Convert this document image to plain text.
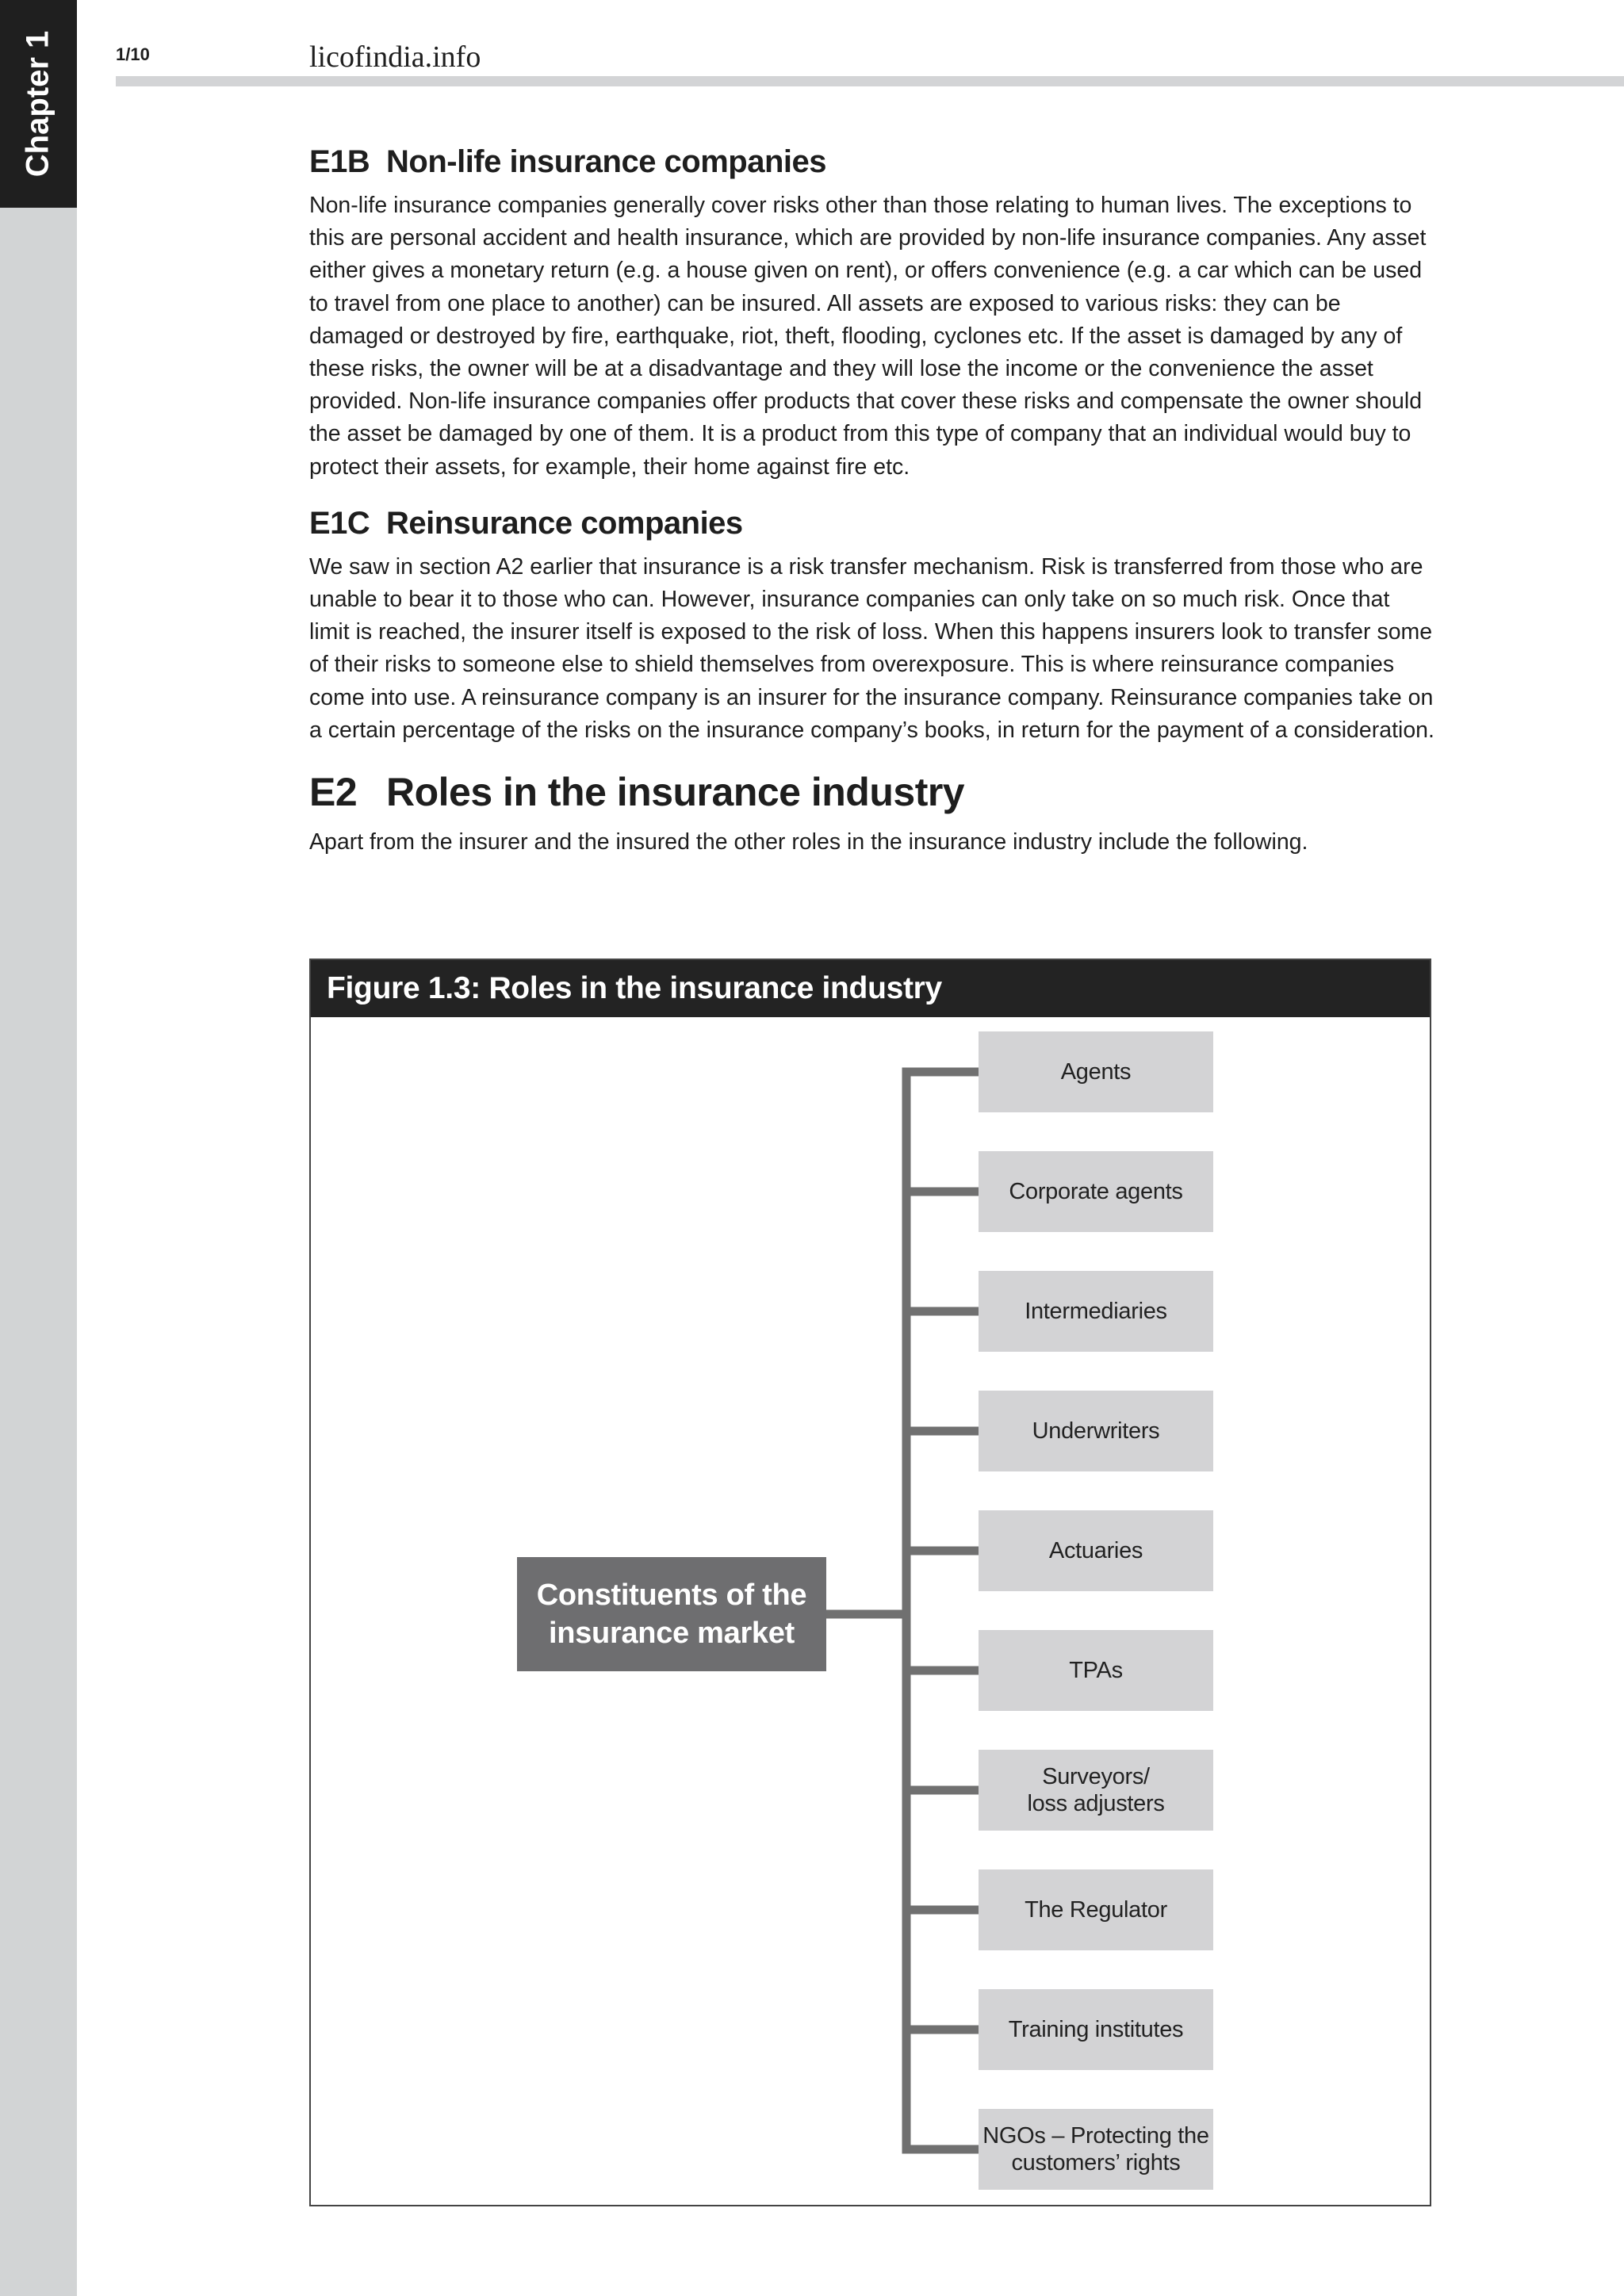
Chapter 1	1/10	licofindia.info
E1B Non-life insurance companies

Non-life insurance companies generally cover risks other than those relating to human lives. The exceptions to this are personal accident and health insurance, which are provided by non-life insurance companies. Any asset either gives a monetary return (e.g. a house given on rent), or offers convenience (e.g. a car which can be used to travel from one place to another) can be insured. All assets are exposed to various risks: they can be damaged or destroyed by fire, earthquake, riot, theft, flooding, cyclones etc. If the asset is damaged by any of these risks, the owner will be at a disadvantage and they will lose the income or the convenience the asset provided. Non-life insurance companies offer products that cover these risks and compensate the owner should the asset be damaged by one of them. It is a product from this type of company that an individual would buy to protect their assets, for example, their home against fire etc.

E1C Reinsurance companies

We saw in section A2 earlier that insurance is a risk transfer mechanism. Risk is transferred from those who are unable to bear it to those who can. However, insurance companies can only take on so much risk. Once that limit is reached, the insurer itself is exposed to the risk of loss. When this happens insurers look to transfer some of their risks to someone else to shield themselves from overexposure. This is where reinsurance companies come into use. A reinsurance company is an insurer for the insurance company. Reinsurance companies take on a certain percentage of the risks on the insurance company’s books, in return for the payment of a consideration.

E2 Roles in the insurance industry

Apart from the insurer and the insured the other roles in the insurance industry include the following.

Figure 1.3: Roles in the insurance industry
Constituents of the
insurance market
Agents
Corporate agents
Intermediaries
Underwriters
Actuaries
TPAs
Surveyors/
loss adjusters
The Regulator
Training institutes
NGOs – Protecting the
customers’ rights
